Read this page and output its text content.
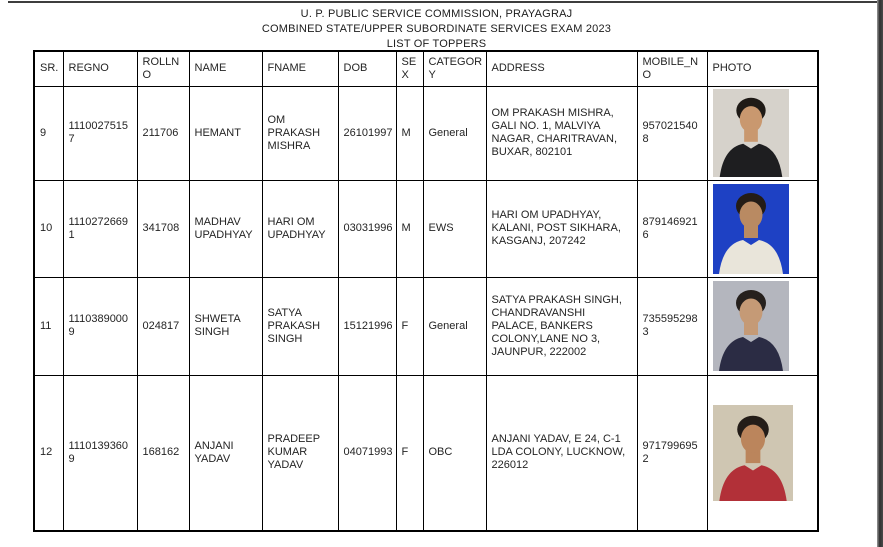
U. P. PUBLIC SERVICE COMMISSION, PRAYAGRAJ
COMBINED STATE/UPPER SUBORDINATE SERVICES EXAM 2023
LIST OF TOPPERS
SR.	REGNO	ROLLNO	NAME	FNAME	DOB	SEX	CATEGORY	ADDRESS	MOBILE_NO	PHOTO
9	11100275157	211706	HEMANT	OM PRAKASH MISHRA	26101997	M	General	OM PRAKASH MISHRA, GALI NO. 1, MALVIYA NAGAR, CHARITRAVAN, BUXAR, 802101	9570215408	

10	11102726691	341708	MADHAV UPADHYAY	HARI OM UPADHYAY	03031996	M	EWS	HARI OM UPADHYAY, KALANI, POST SIKHARA, KASGANJ, 207242	8791469216	

11	11103890009	024817	SHWETA SINGH	SATYA PRAKASH SINGH	15121996	F	General	SATYA PRAKASH SINGH, CHANDRAVANSHI PALACE, BANKERS COLONY,LANE NO 3, JAUNPUR, 222002	7355952983	

12	11101393609	168162	ANJANI YADAV	PRADEEP KUMAR YADAV	04071993	F	OBC	ANJANI YADAV, E 24, C-1 LDA COLONY, LUCKNOW, 226012	9717996952	
